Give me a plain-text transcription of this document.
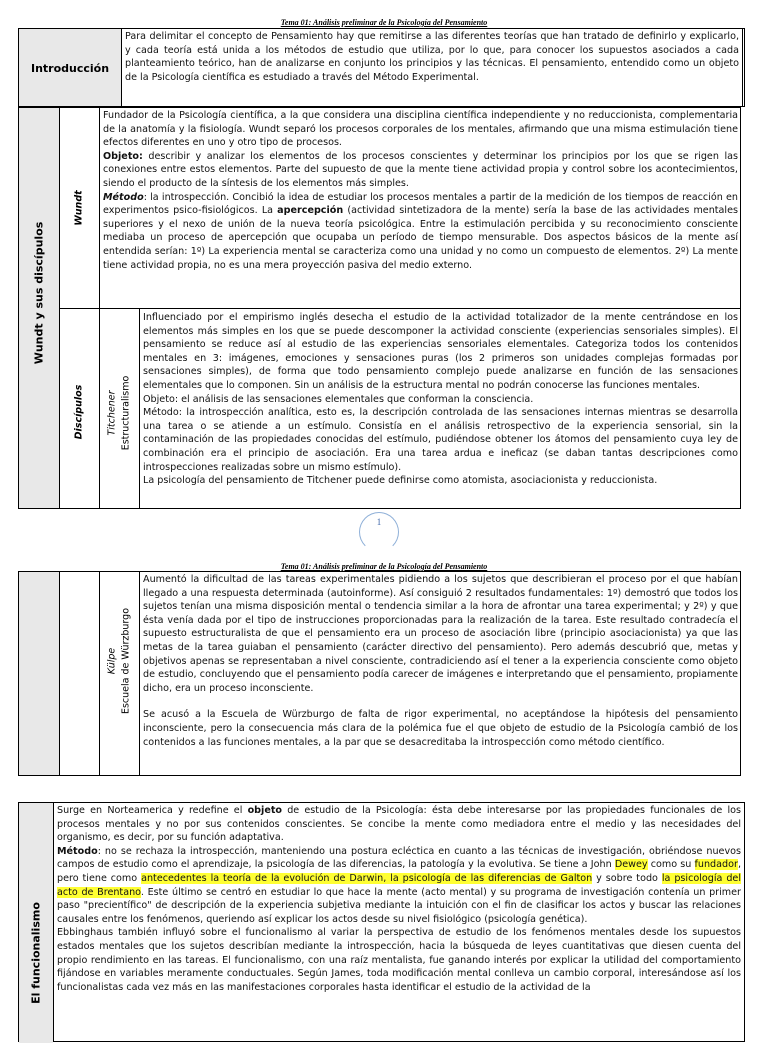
Tema 01: Análisis preliminar de la Psicología del Pensamiento
Introducción
Para delimitar el concepto de Pensamiento hay que remitirse a las diferentes teorías que han tratado de definirlo y explicarlo, y cada teoría está unida a los métodos de estudio que utiliza, por lo que, para conocer los supuestos asociados a cada planteamiento teórico, han de analizarse en conjunto los principios y las técnicas. El pensamiento, entendido como un objeto de la Psicología científica es estudiado a través del Método Experimental.
Wundt y sus discípulos
Wundt
Discípulos Titchener Estructuralismo

Fundador de la Psicología científica, a la que considera una disciplina científica independiente y no reduccionista, complementaria de la anatomía y la fisiología. Wundt separó los procesos corporales de los mentales, afirmando que una misma estimulación tiene efectos diferentes en uno y otro tipo de procesos.

Objeto: describir y analizar los elementos de los procesos conscientes y determinar los principios por los que se rigen las conexiones entre estos elementos. Parte del supuesto de que la mente tiene actividad propia y control sobre los acontecimientos, siendo el producto de la síntesis de los elementos más simples.

Método: la introspección. Concibió la idea de estudiar los procesos mentales a partir de la medición de los tiempos de reacción en experimentos psico-fisiológicos. La apercepción (actividad sintetizadora de la mente) sería la base de las actividades mentales superiores y el nexo de unión de la nueva teoría psicológica. Entre la estimulación percibida y su reconocimiento consciente mediaba un proceso de apercepción que ocupaba un período de tiempo mensurable. Dos aspectos básicos de la mente así entendida serían: 1º) La experiencia mental se caracteriza como una unidad y no como un compuesto de elementos. 2º) La mente tiene actividad propia, no es una mera proyección pasiva del medio externo.

Influenciado por el empirismo inglés desecha el estudio de la actividad totalizador de la mente centrándose en los elementos más simples en los que se puede descomponer la actividad consciente (experiencias sensoriales simples). El pensamiento se reduce así al estudio de las experiencias sensoriales elementales. Categoriza todos los contenidos mentales en 3: imágenes, emociones y sensaciones puras (los 2 primeros son unidades complejas formadas por sensaciones simples), de forma que todo pensamiento complejo puede analizarse en función de las sensaciones elementales que lo componen. Sin un análisis de la estructura mental no podrán conocerse las funciones mentales.

Objeto: el análisis de las sensaciones elementales que conforman la consciencia.

Método: la introspección analítica, esto es, la descripción controlada de las sensaciones internas mientras se desarrolla una tarea o se atiende a un estímulo. Consistía en el análisis retrospectivo de la experiencia sensorial, sin la contaminación de las propiedades conocidas del estímulo, pudiéndose obtener los átomos del pensamiento cuya ley de combinación era el principio de asociación. Era una tarea ardua e ineficaz (se daban tantas descripciones como introspecciones realizadas sobre un mismo estímulo).

La psicología del pensamiento de Titchener puede definirse como atomista, asociacionista y reduccionista.

1
Tema 01: Análisis preliminar de la Psicología del Pensamiento
Külpe Escuela de Würzburgo

Aumentó la dificultad de las tareas experimentales pidiendo a los sujetos que describieran el proceso por el que habían llegado a una respuesta determinada (autoinforme). Así consiguió 2 resultados fundamentales: 1º) demostró que todos los sujetos tenían una misma disposición mental o tendencia similar a la hora de afrontar una tarea experimental; y 2º) y que ésta venía dada por el tipo de instrucciones proporcionadas para la realización de la tarea. Este resultado contradecía el supuesto estructuralista de que el pensamiento era un proceso de asociación libre (principio asociacionista) ya que las metas de la tarea guiaban el pensamiento (carácter directivo del pensamiento). Pero además descubrió que, metas y objetivos apenas se representaban a nivel consciente, contradiciendo así el tener a la experiencia consciente como objeto de estudio, concluyendo que el pensamiento podía carecer de imágenes e interpretando que el pensamiento, propiamente dicho, era un proceso inconsciente.

Se acusó a la Escuela de Würzburgo de falta de rigor experimental, no aceptándose la hipótesis del pensamiento inconsciente, pero la consecuencia más clara de la polémica fue el que objeto de estudio de la Psicología cambió de los contenidos a las funciones mentales, a la par que se desacreditaba la introspección como método científico.

El funcionalismo

Surge en Norteamerica y redefine el objeto de estudio de la Psicología: ésta debe interesarse por las propiedades funcionales de los procesos mentales y no por sus contenidos conscientes. Se concibe la mente como mediadora entre el medio y las necesidades del organismo, es decir, por su función adaptativa.

Método: no se rechaza la introspección, manteniendo una postura ecléctica en cuanto a las técnicas de investigación, obriéndose nuevos campos de estudio como el aprendizaje, la psicología de las diferencias, la patología y la evolutiva. Se tiene a John Dewey como su fundador, pero tiene como antecedentes la teoría de la evolución de Darwin, la psicología de las diferencias de Galton y sobre todo la psicología del acto de Brentano. Este último se centró en estudiar lo que hace la mente (acto mental) y su programa de investigación contenía un primer paso "precientífico" de descripción de la experiencia subjetiva mediante la intuición con el fin de clasificar los actos y buscar las relaciones causales entre los fenómenos, queriendo así explicar los actos desde su nivel fisiológico (psicología genética).

Ebbinghaus también influyó sobre el funcionalismo al variar la perspectiva de estudio de los fenómenos mentales desde los supuestos estados mentales que los sujetos describían mediante la introspección, hacia la búsqueda de leyes cuantitativas que diesen cuenta del propio rendimiento en las tareas. El funcionalismo, con una raíz mentalista, fue ganando interés por explicar la utilidad del comportamiento fijándose en variables meramente conductuales. Según James, toda modificación mental conlleva un cambio corporal, interesándose así los funcionalistas cada vez más en las manifestaciones corporales hasta identificar el estudio de la actividad de la
